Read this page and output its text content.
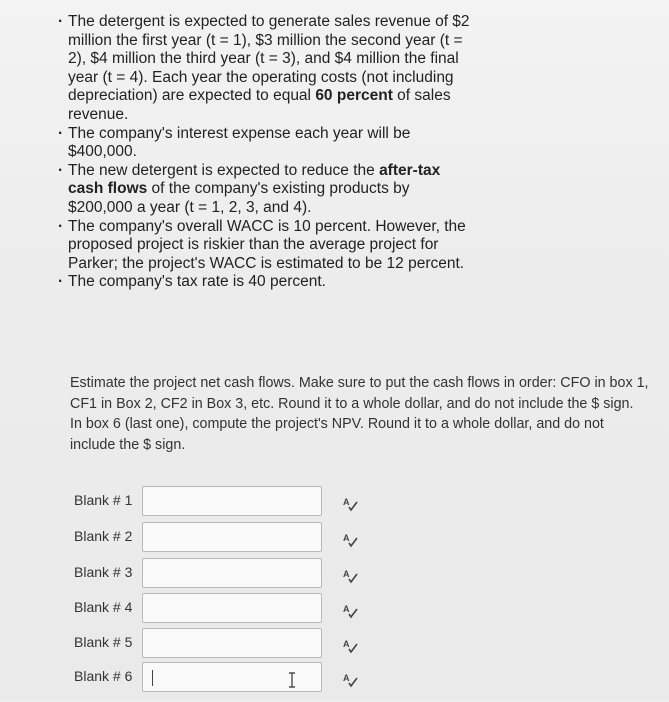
·
The detergent is expected to generate sales revenue of $2 million the first year (t = 1), $3 million the second year (t = 2), $4 million the third year (t = 3), and $4 million the final year (t = 4). Each year the operating costs (not including depreciation) are expected to equal 60 percent of sales revenue.
·
The company's interest expense each year will be $400,000.
·
The new detergent is expected to reduce the after-tax cash flows of the company's existing products by $200,000 a year (t = 1, 2, 3, and 4).
·
The company's overall WACC is 10 percent. However, the proposed project is riskier than the average project for Parker; the project's WACC is estimated to be 12 percent.
·
The company's tax rate is 40 percent.

Estimate the project net cash flows. Make sure to put the cash flows in order: CFO in box 1, CF1 in Box 2, CF2 in Box 3, etc. Round it to a whole dollar, and do not include the $ sign.

In box 6 (last one), compute the project's NPV. Round it to a whole dollar, and do not include the $ sign.

Blank # 1	A
Blank # 2	A
Blank # 3	A
Blank # 4	A
Blank # 5	A
Blank # 6	A
